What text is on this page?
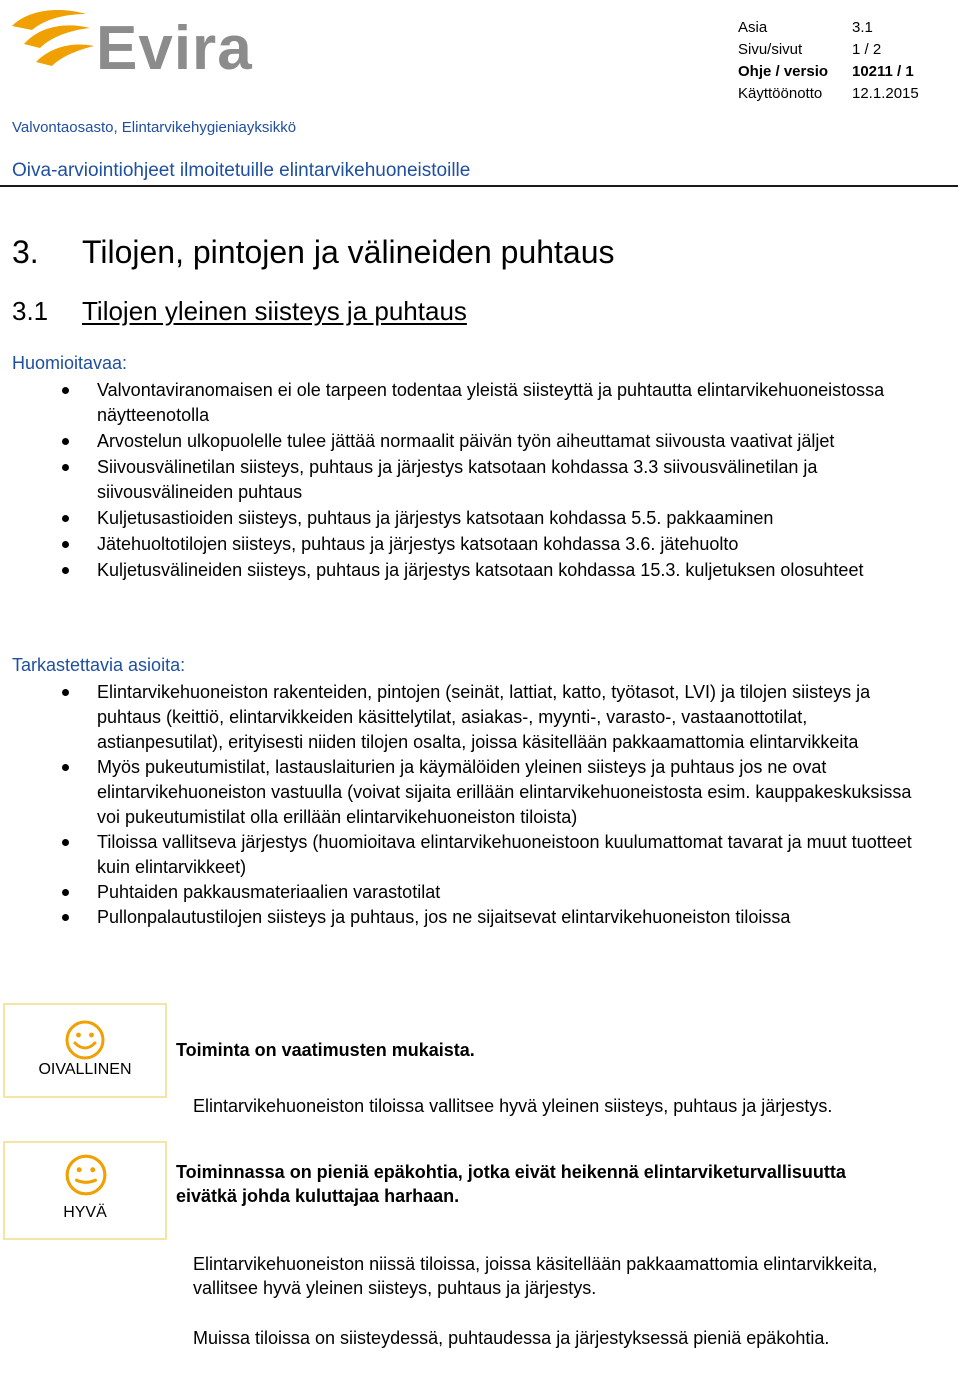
Evira	Asia	3.1
Sivu/sivut	1 / 2
Ohje / versio	10211 / 1
Käyttöönotto	12.1.2015
Valvontaosasto, Elintarvikehygieniayksikkö
Oiva-arviointiohjeet ilmoitetuille elintarvikehuoneistoille
3. Tilojen, pintojen ja välineiden puhtaus
3.1 Tilojen yleinen siisteys ja puhtaus
Huomioitavaa:
Valvontaviranomaisen ei ole tarpeen todentaa yleistä siisteyttä ja puhtautta elintarvikehuoneistossa näytteenotolla
Arvostelun ulkopuolelle tulee jättää normaalit päivän työn aiheuttamat siivousta vaativat jäljet
Siivousvälinetilan siisteys, puhtaus ja järjestys katsotaan kohdassa 3.3 siivousvälinetilan ja siivousvälineiden puhtaus
Kuljetusastioiden siisteys, puhtaus ja järjestys katsotaan kohdassa 5.5. pakkaaminen
Jätehuoltotilojen siisteys, puhtaus ja järjestys katsotaan kohdassa 3.6. jätehuolto
Kuljetusvälineiden siisteys, puhtaus ja järjestys katsotaan kohdassa 15.3. kuljetuksen olosuhteet
Tarkastettavia asioita:
Elintarvikehuoneiston rakenteiden, pintojen (seinät, lattiat, katto, työtasot, LVI) ja tilojen siisteys ja puhtaus (keittiö, elintarvikkeiden käsittelytilat, asiakas-, myynti-, varasto-, vastaanottotilat, astianpesutilat), erityisesti niiden tilojen osalta, joissa käsitellään pakkaamattomia elintarvikkeita
Myös pukeutumistilat, lastauslaiturien ja käymälöiden yleinen siisteys ja puhtaus jos ne ovat elintarvikehuoneiston vastuulla (voivat sijaita erillään elintarvikehuoneistosta esim. kauppakeskuksissa voi pukeutumistilat olla erillään elintarvikehuoneiston tiloista)
Tiloissa vallitseva järjestys (huomioitava elintarvikehuoneistoon kuulumattomat tavarat ja muut tuotteet kuin elintarvikkeet)
Puhtaiden pakkausmateriaalien varastotilat
Pullonpalautustilojen siisteys ja puhtaus, jos ne sijaitsevat elintarvikehuoneiston tiloissa
OIVALLINEN
Toiminta on vaatimusten mukaista.
Elintarvikehuoneiston tiloissa vallitsee hyvä yleinen siisteys, puhtaus ja järjestys.
HYVÄ
Toiminnassa on pieniä epäkohtia, jotka eivät heikennä elintarviketurvallisuutta eivätkä johda kuluttajaa harhaan.
Elintarvikehuoneiston niissä tiloissa, joissa käsitellään pakkaamattomia elintarvikkeita, vallitsee hyvä yleinen siisteys, puhtaus ja järjestys.
Muissa tiloissa on siisteydessä, puhtaudessa ja järjestyksessä pieniä epäkohtia.
